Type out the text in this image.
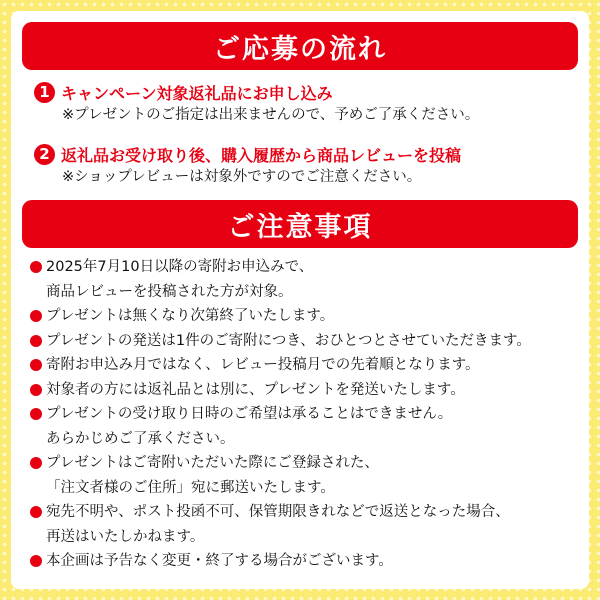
ご応募の流れ
1 キャンペーン対象返礼品にお申し込み
※プレゼントのご指定は出来ませんので、予めご了承ください。
2 返礼品お受け取り後、購入履歴から商品レビューを投稿
※ショップレビューは対象外ですのでご注意ください。
ご注意事項
2025年7月10日以降の寄附お申込みで、
商品レビューを投稿された方が対象。
プレゼントは無くなり次第終了いたします。
プレゼントの発送は1件のご寄附につき、おひとつとさせていただきます。
寄附お申込み月ではなく、レビュー投稿月での先着順となります。
対象者の方には返礼品とは別に、プレゼントを発送いたします。
プレゼントの受け取り日時のご希望は承ることはできません。
あらかじめご了承ください。
プレゼントはご寄附いただいた際にご登録された、
「注文者様のご住所」宛に郵送いたします。
宛先不明や、ポスト投函不可、保管期限きれなどで返送となった場合、
再送はいたしかねます。
本企画は予告なく変更・終了する場合がございます。
